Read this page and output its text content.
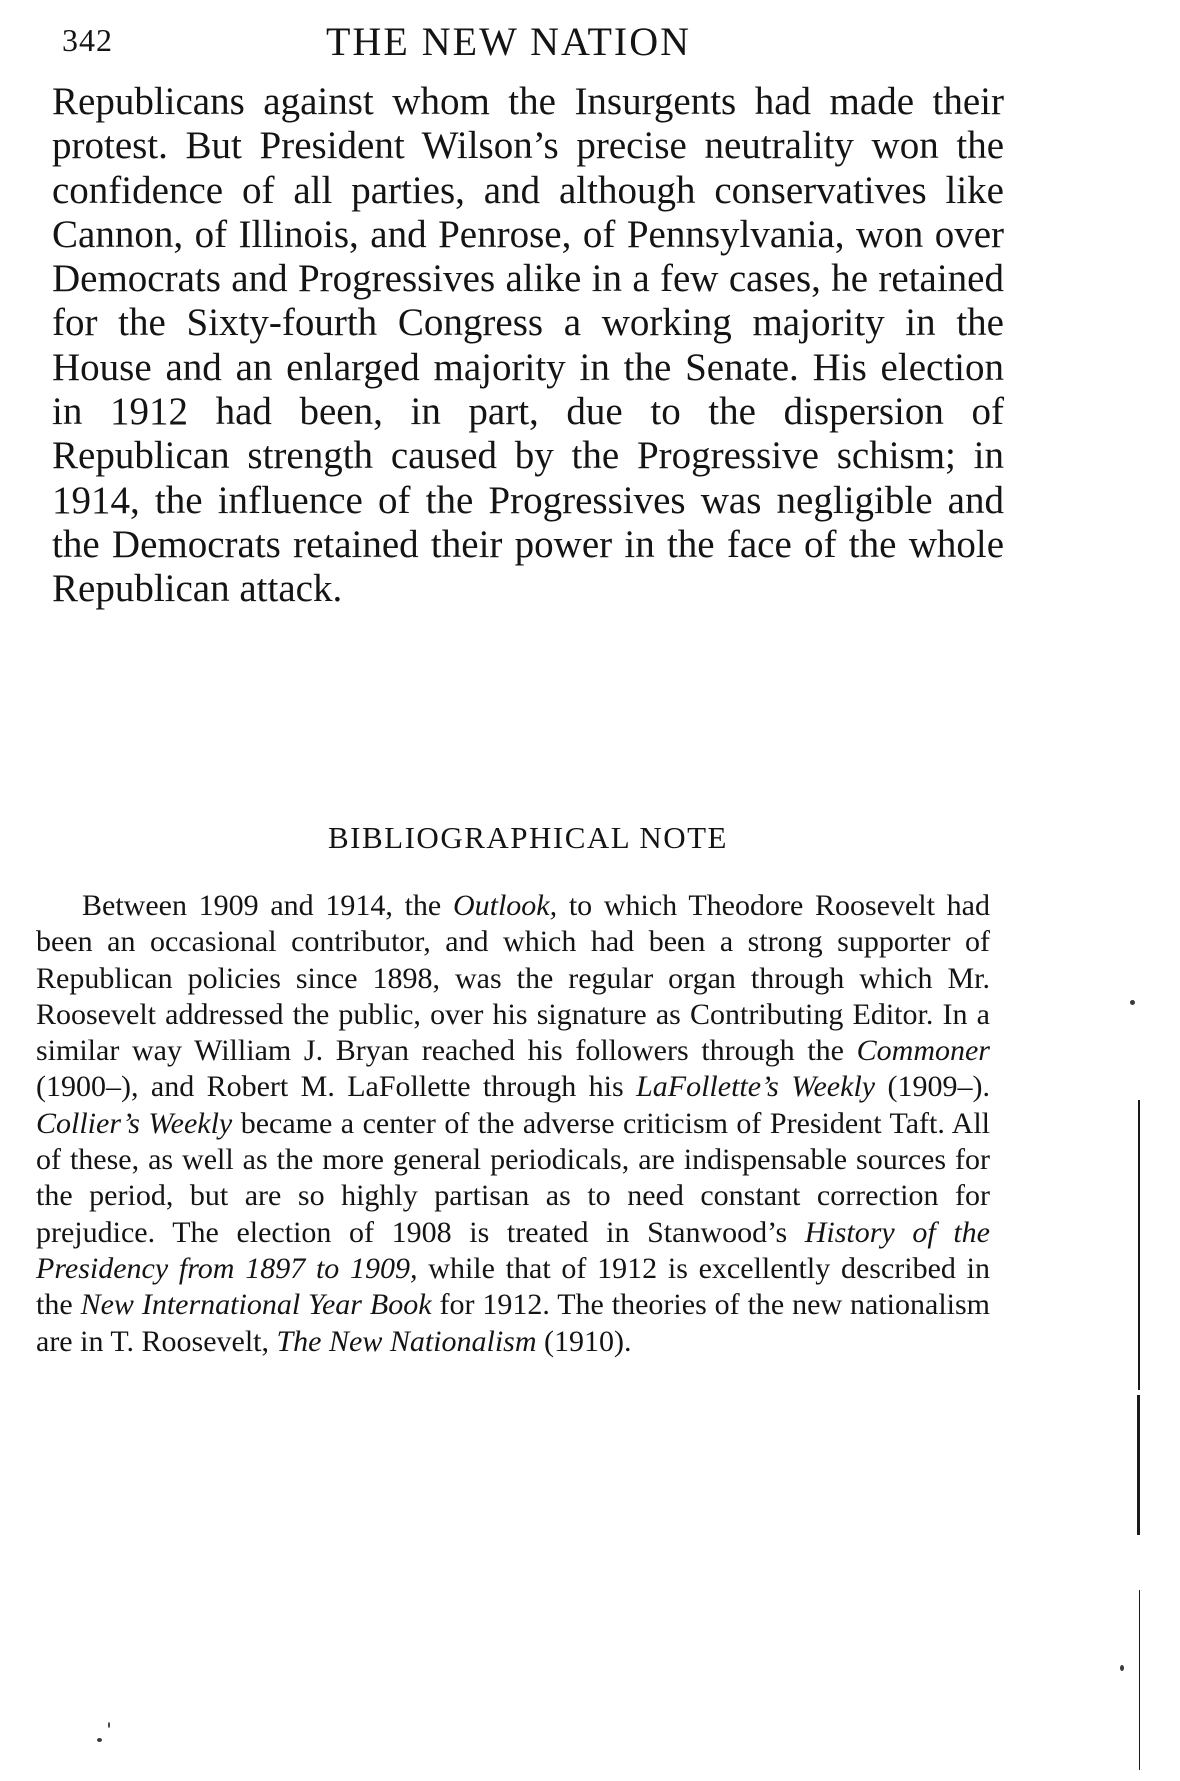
342	THE NEW NATION

Republicans against whom the Insurgents had made their protest. But President Wilson’s precise neutrality won the confidence of all parties, and although conservatives like Cannon, of Illinois, and Penrose, of Pennsylvania, won over Democrats and Progressives alike in a few cases, he retained for the Sixty-fourth Congress a working majority in the House and an enlarged majority in the Senate. His election in 1912 had been, in part, due to the dispersion of Republican strength caused by the Progressive schism; in 1914, the influence of the Progressives was negligible and the Democrats retained their power in the face of the whole Republican attack.

BIBLIOGRAPHICAL NOTE

Between 1909 and 1914, the Outlook, to which Theodore Roosevelt had been an occasional contributor, and which had been a strong supporter of Republican policies since 1898, was the regular organ through which Mr. Roosevelt addressed the public, over his signature as Contributing Editor. In a similar way William J. Bryan reached his followers through the Commoner (1900–), and Robert M. LaFollette through his LaFollette’s Weekly (1909–). Collier’s Weekly became a center of the adverse criticism of President Taft. All of these, as well as the more general periodicals, are indispensable sources for the period, but are so highly partisan as to need constant correction for prejudice. The election of 1908 is treated in Stanwood’s History of the Presidency from 1897 to 1909, while that of 1912 is excellently described in the New International Year Book for 1912. The theories of the new nationalism are in T. Roosevelt, The New Nationalism (1910).
